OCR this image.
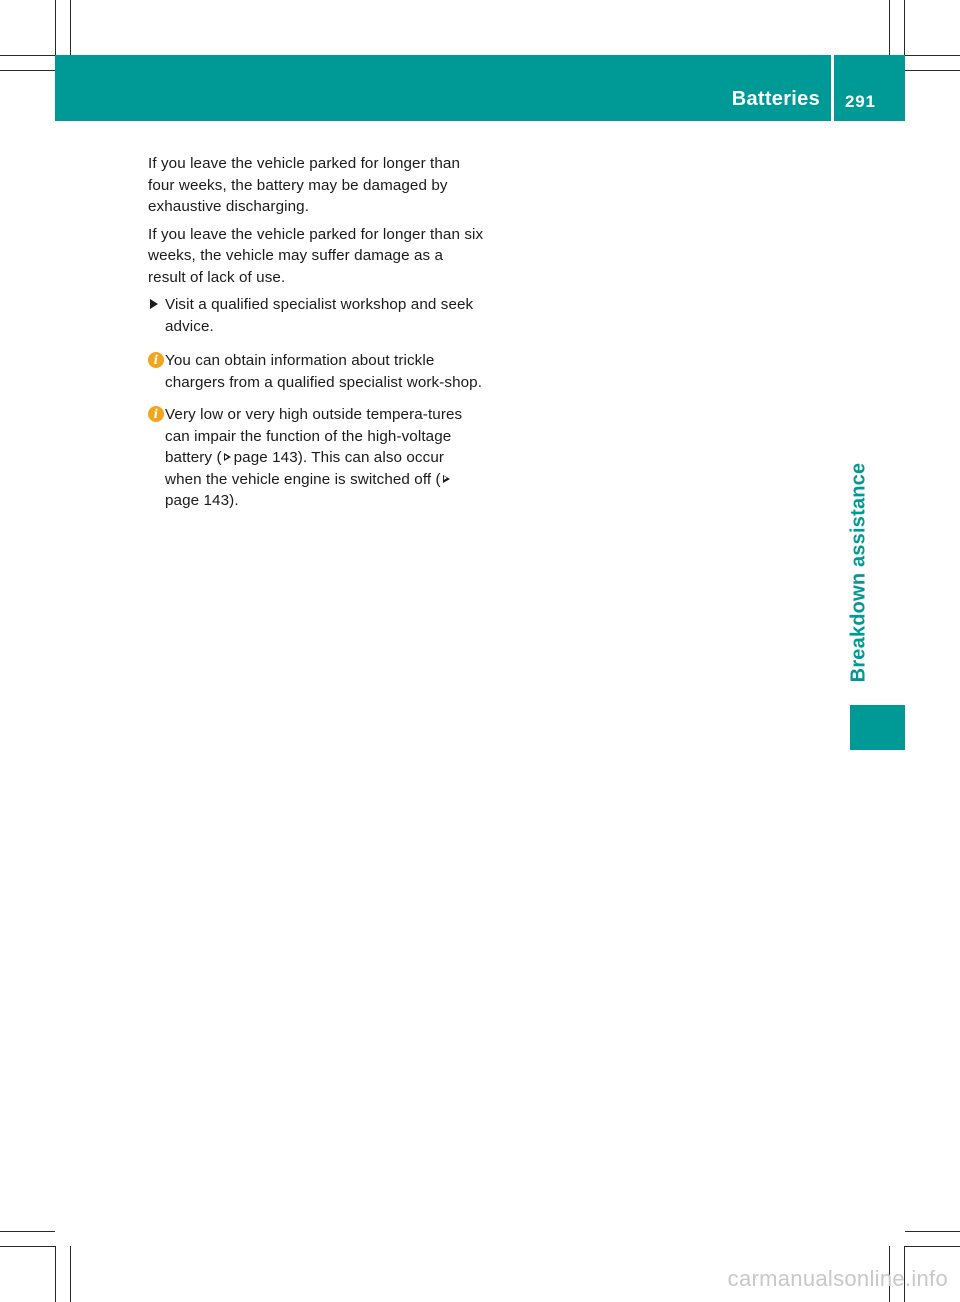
Batteries 291
Breakdown assistance

If you leave the vehicle parked for longer than four weeks, the battery may be damaged by exhaustive discharging.

If you leave the vehicle parked for longer than six weeks, the vehicle may suffer damage as a result of lack of use.

Visit a qualified specialist workshop and seek advice.
i You can obtain information about trickle chargers from a qualified specialist work-shop.
i Very low or very high outside tempera-tures can impair the function of the high-voltage battery ( page 143). This can also occur when the vehicle engine is switched off (page 143).
carmanualsonline.info
